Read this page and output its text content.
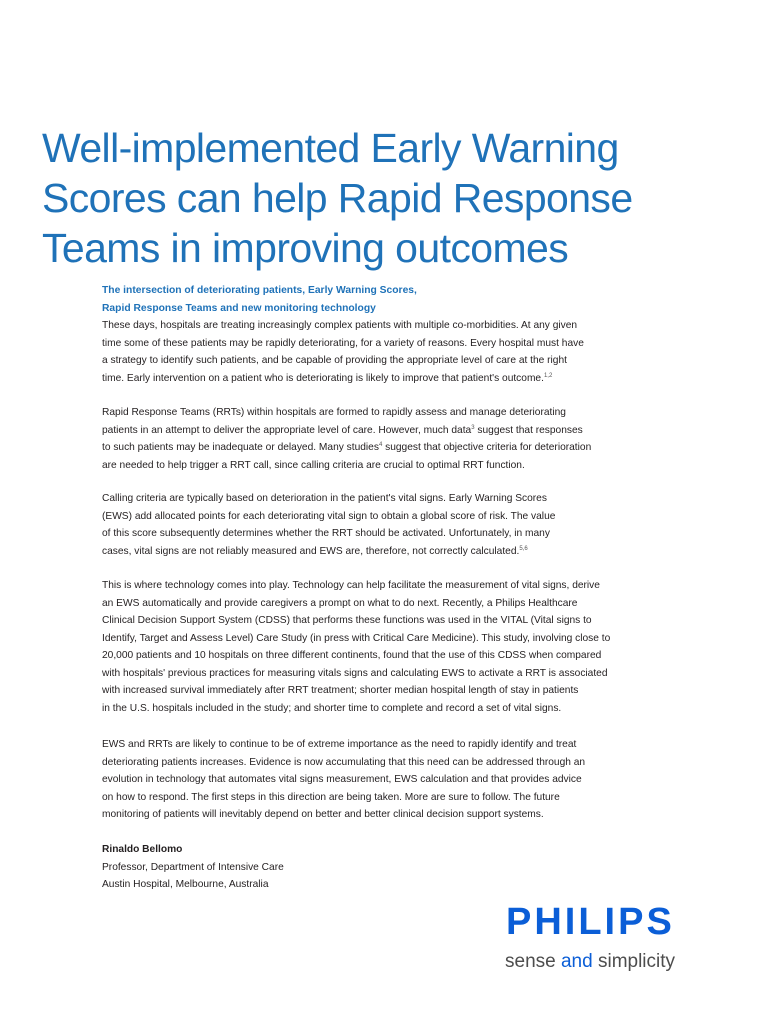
Well-implemented Early Warning
Scores can help Rapid Response
Teams in improving outcomes
The intersection of deteriorating patients, Early Warning Scores,
Rapid Response Teams and new monitoring technology
These days, hospitals are treating increasingly complex patients with multiple co-morbidities. At any given
time some of these patients may be rapidly deteriorating, for a variety of reasons. Every hospital must have
a strategy to identify such patients, and be capable of providing the appropriate level of care at the right
time. Early intervention on a patient who is deteriorating is likely to improve that patient's outcome.$^{1,2}$
Rapid Response Teams (RRTs) within hospitals are formed to rapidly assess and manage deteriorating
patients in an attempt to deliver the appropriate level of care. However, much data$^3$ suggest that responses
to such patients may be inadequate or delayed. Many studies$^4$ suggest that objective criteria for deterioration
are needed to help trigger a RRT call, since calling criteria are crucial to optimal RRT function.
Calling criteria are typically based on deterioration in the patient's vital signs. Early Warning Scores
(EWS) add allocated points for each deteriorating vital sign to obtain a global score of risk. The value
of this score subsequently determines whether the RRT should be activated. Unfortunately, in many
cases, vital signs are not reliably measured and EWS are, therefore, not correctly calculated.$^{5,6}$
This is where technology comes into play. Technology can help facilitate the measurement of vital signs, derive
an EWS automatically and provide caregivers a prompt on what to do next. Recently, a Philips Healthcare
Clinical Decision Support System (CDSS) that performs these functions was used in the VITAL (Vital signs to
Identify, Target and Assess Level) Care Study (in press with Critical Care Medicine). This study, involving close to
20,000 patients and 10 hospitals on three different continents, found that the use of this CDSS when compared
with hospitals' previous practices for measuring vitals signs and calculating EWS to activate a RRT is associated
with increased survival immediately after RRT treatment; shorter median hospital length of stay in patients
in the U.S. hospitals included in the study; and shorter time to complete and record a set of vital signs.
EWS and RRTs are likely to continue to be of extreme importance as the need to rapidly identify and treat
deteriorating patients increases. Evidence is now accumulating that this need can be addressed through an
evolution in technology that automates vital signs measurement, EWS calculation and that provides advice
on how to respond. The first steps in this direction are being taken. More are sure to follow. The future
monitoring of patients will inevitably depend on better and better clinical decision support systems.
Rinaldo Bellomo
Professor, Department of Intensive Care
Austin Hospital, Melbourne, Australia
PHILIPS
sense and simplicity
